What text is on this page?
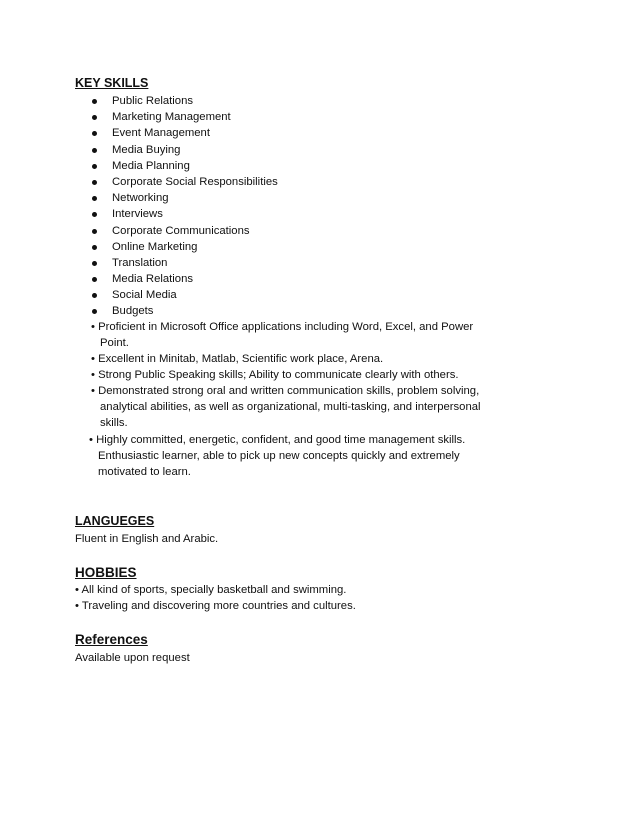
KEY SKILLS
Public Relations
Marketing Management
Event Management
Media Buying
Media Planning
Corporate Social Responsibilities
Networking
Interviews
Corporate Communications
Online Marketing
Translation
Media Relations
Social Media
Budgets

• Proficient in Microsoft Office applications including Word, Excel, and Power

Point.

• Excellent in Minitab, Matlab, Scientific work place, Arena.

• Strong Public Speaking skills; Ability to communicate clearly with others.

• Demonstrated strong oral and written communication skills, problem solving,

analytical abilities, as well as organizational, multi-tasking, and interpersonal

skills.

• Highly committed, energetic, confident, and good time management skills.

Enthusiastic learner, able to pick up new concepts quickly and extremely

motivated to learn.

LANGUEGES

Fluent in English and Arabic.

HOBBIES

• All kind of sports, specially basketball and swimming.

• Traveling and discovering more countries and cultures.

References

Available upon request
